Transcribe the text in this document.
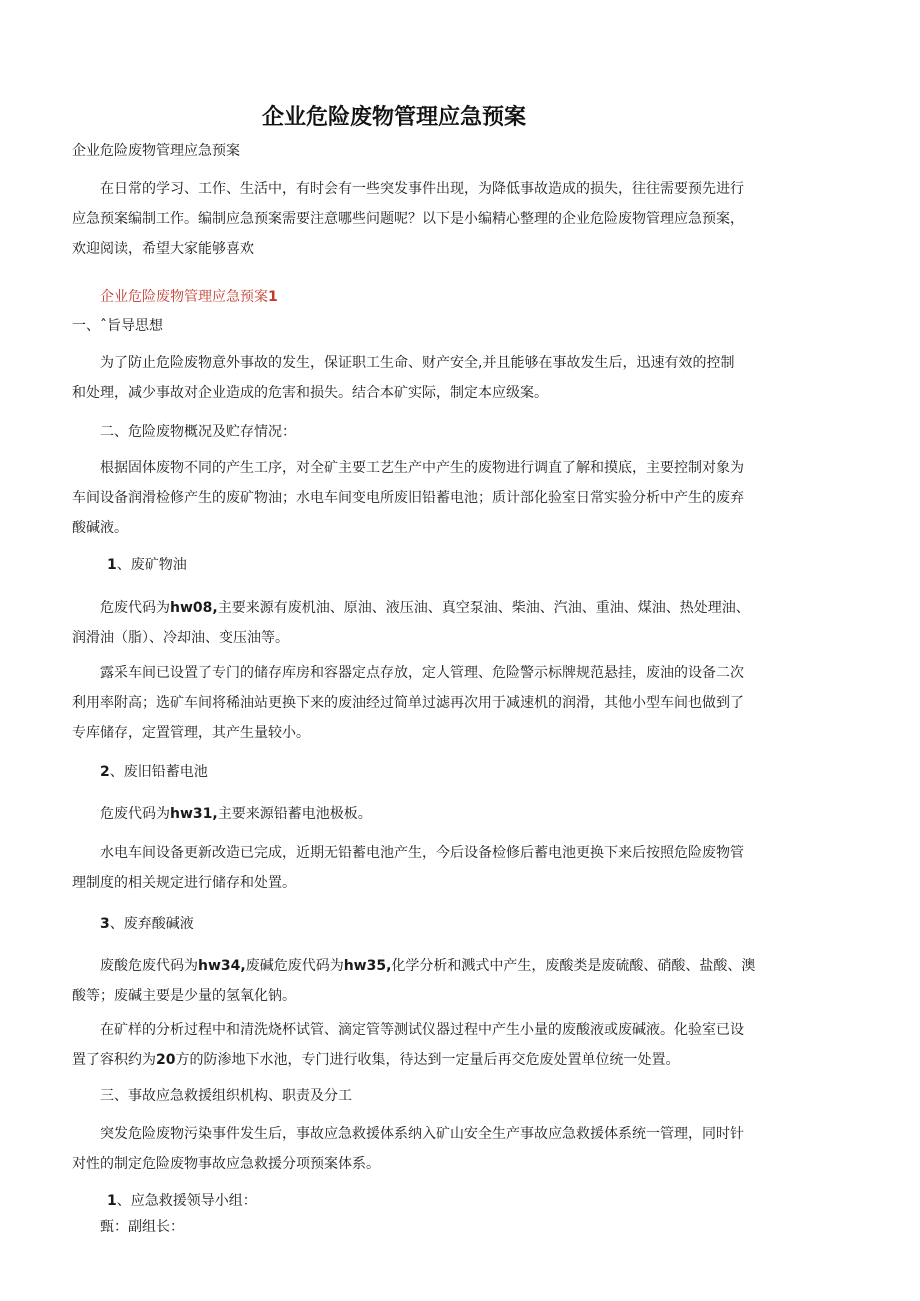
企业危险废物管理应急预案

企业危险废物管理应急预案

在日常的学习、工作、生活中，有时会有一些突发事件出现，为降低事故造成的损失，往往需要预先进行
应急预案编制工作。编制应急预案需要注意哪些问题呢？以下是小编精心整理的企业危险废物管理应急预案，
欢迎阅读，希望大家能够喜欢

企业危险废物管理应急预案1

一、ˆ旨导思想

为了防止危险废物意外事故的发生，保证职工生命、财产安全,并且能够在事故发生后，迅速有效的控制
和处理，减少事故对企业造成的危害和损失。结合本矿实际，制定本应级案。

二、危险废物概况及贮存情况：

根据固体废物不同的产生工序，对全矿主要工艺生产中产生的废物进行调直了解和摸底，主要控制对象为
车间设备润滑检修产生的废矿物油；水电车间变电所废旧铅蓄电池；质计部化验室日常实验分析中产生的废弃
酸碱液。

1、废矿物油

危废代码为hw08,主要来源有废机油、原油、液压油、真空泵油、柴油、汽油、重油、煤油、热处理油、
润滑油（脂）、冷却油、变压油等。
露采车间已设置了专门的储存库房和容器定点存放，定人管理、危险警示标牌规范悬挂，废油的设备二次
利用率附高；选矿车间将稀油站更换下来的废油经过简单过滤再次用于减速机的润滑，其他小型车间也做到了
专库储存，定置管理，其产生量较小。

2、废旧铅蓄电池

危废代码为hw31,主要来源铅蓄电池极板。

水电车间设备更新改造已完成，近期无铅蓄电池产生，今后设备检修后蓄电池更换下来后按照危险废物管
理制度的相关规定进行储存和处置。

3、废弃酸碱液

废酸危废代码为hw34,废碱危废代码为hw35,化学分析和溅式中产生，废酸类是废硫酸、硝酸、盐酸、澳
酸等；废碱主要是少量的氢氧化钠。
在矿样的分析过程中和清洗烧杯试管、滴定管等测试仪器过程中产生小量的废酸液或废碱液。化验室已设
置了容积约为20方的防渗地下水池，专门进行收集，待达到一定量后再交危废处置单位统一处置。

三、事故应急救援组织机构、职责及分工

突发危险废物污染事件发生后，事故应急救援体系纳入矿山安全生产事故应急救援体系统一管理，同时针
对性的制定危险废物事故应急救援分项预案体系。

1、应急救援领导小组：

甄：副组长：
